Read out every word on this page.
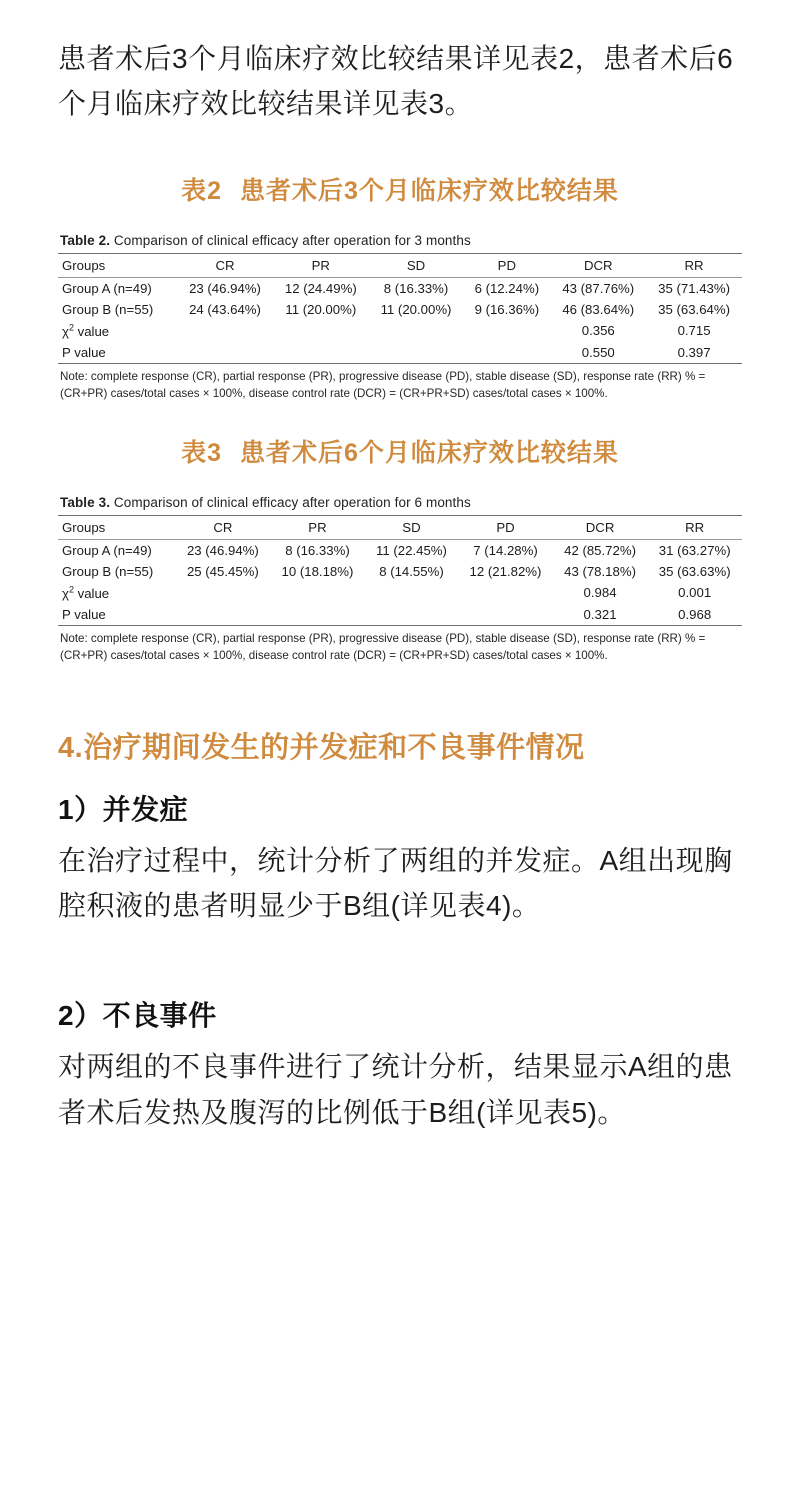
患者术后3个月临床疗效比较结果详见表2，患者术后6个月临床疗效比较结果详见表3。

表2 患者术后3个月临床疗效比较结果
Table 2. Comparison of clinical efficacy after operation for 3 months
Groups	CR	PR	SD	PD	DCR	RR
Group A (n=49)	23 (46.94%)	12 (24.49%)	8 (16.33%)	6 (12.24%)	43 (87.76%)	35 (71.43%)
Group B (n=55)	24 (43.64%)	11 (20.00%)	11 (20.00%)	9 (16.36%)	46 (83.64%)	35 (63.64%)
$\chi^2$ value					0.356	0.715
P value					0.550	0.397
Note: complete response (CR), partial response (PR), progressive disease (PD), stable disease (SD), response rate (RR) % = (CR+PR) cases/total cases × 100%, disease control rate (DCR) = (CR+PR+SD) cases/total cases × 100%.
表3 患者术后6个月临床疗效比较结果
Table 3. Comparison of clinical efficacy after operation for 6 months
Groups	CR	PR	SD	PD	DCR	RR
Group A (n=49)	23 (46.94%)	8 (16.33%)	11 (22.45%)	7 (14.28%)	42 (85.72%)	31 (63.27%)
Group B (n=55)	25 (45.45%)	10 (18.18%)	8 (14.55%)	12 (21.82%)	43 (78.18%)	35 (63.63%)
$\chi^2$ value					0.984	0.001
P value					0.321	0.968
Note: complete response (CR), partial response (PR), progressive disease (PD), stable disease (SD), response rate (RR) % = (CR+PR) cases/total cases × 100%, disease control rate (DCR) = (CR+PR+SD) cases/total cases × 100%.
4.治疗期间发生的并发症和不良事件情况
1）并发症

在治疗过程中，统计分析了两组的并发症。A组出现胸腔积液的患者明显少于B组(详见表4)。

2）不良事件

对两组的不良事件进行了统计分析，结果显示A组的患者术后发热及腹泻的比例低于B组(详见表5)。
